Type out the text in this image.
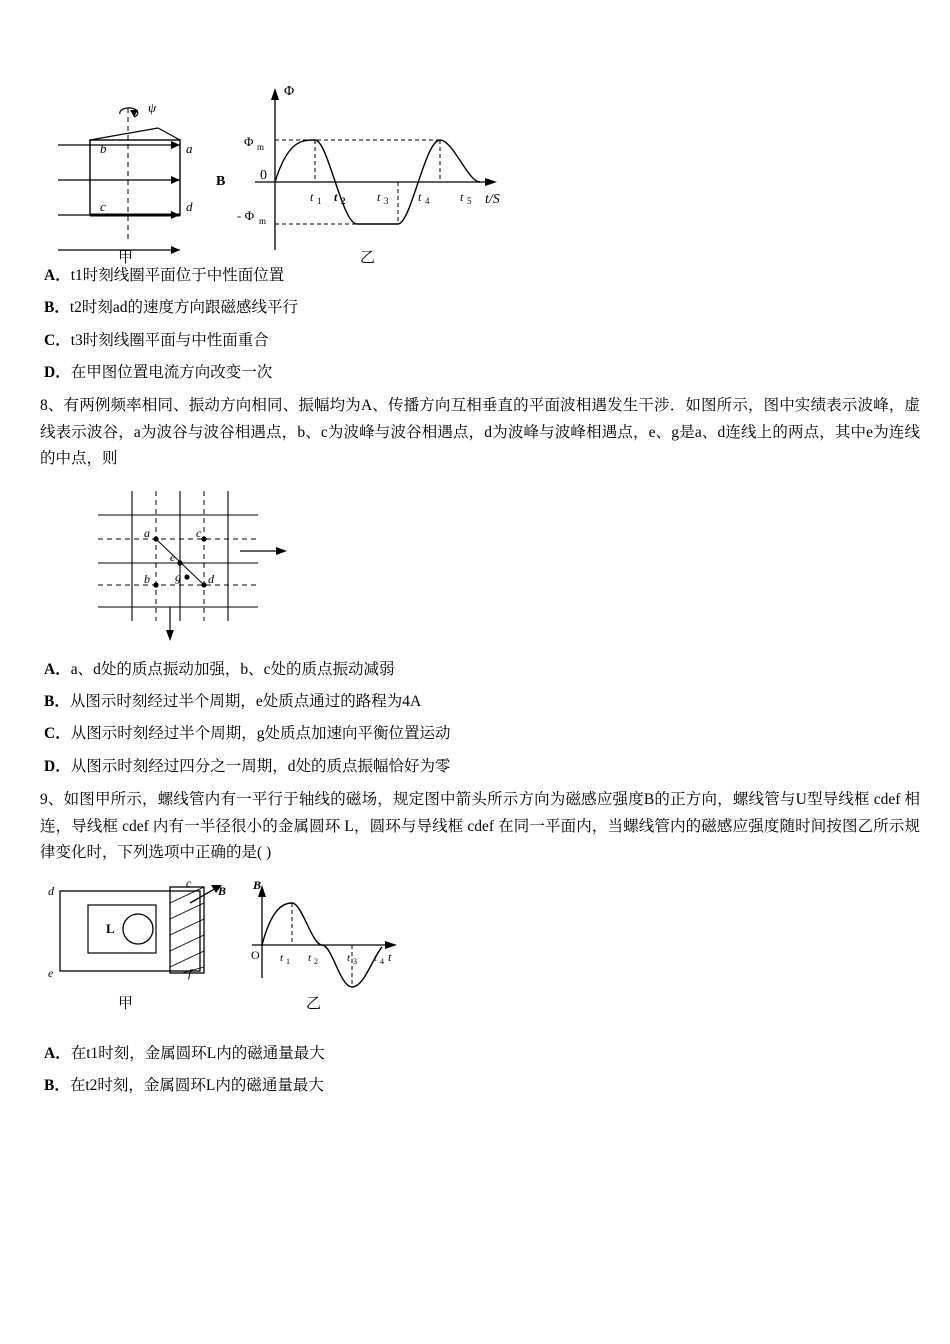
ψ
b	a
B
c	d
甲
Φ
t/S
Φ m
- Φ m
0
t 1 t 2	t 3 t 4	t 5
乙
A．t1时刻线圈平面位于中性面位置
B．t2时刻ad的速度方向跟磁感线平行
C．t3时刻线圈平面与中性面重合
D．在甲图位置电流方向改变一次
8、有两例频率相同、振动方向相同、振幅均为A、传播方向互相垂直的平面波相遇发生干涉．如图所示，图中实绩表示波峰，虚线表示波谷，a为波谷与波谷相遇点，b、c为波峰与波谷相遇点，d为波峰与波峰相遇点，e、g是a、d连线上的两点，其中e为连线的中点，则
a	c
e
g
b	d
A．a、d处的质点振动加强，b、c处的质点振动减弱
B．从图示时刻经过半个周期，e处质点通过的路程为4A
C．从图示时刻经过半个周期，g处质点加速向平衡位置运动
D．从图示时刻经过四分之一周期，d处的质点振幅恰好为零
9、如图甲所示，螺线管内有一平行于轴线的磁场，规定图中箭头所示方向为磁感应强度B的正方向，螺线管与U型导线框 cdef 相连，导线框 cdef 内有一半径很小的金属圆环 L，圆环与导线框 cdef 在同一平面内，当螺线管内的磁感应强度随时间按图乙所示规律变化时，下列选项中正确的是( )
L
B
d
c
e	f
甲
B
t
O t 1 t 2	t 3 t 4
乙
A．在t1时刻，金属圆环L内的磁通量最大
B．在t2时刻，金属圆环L内的磁通量最大
